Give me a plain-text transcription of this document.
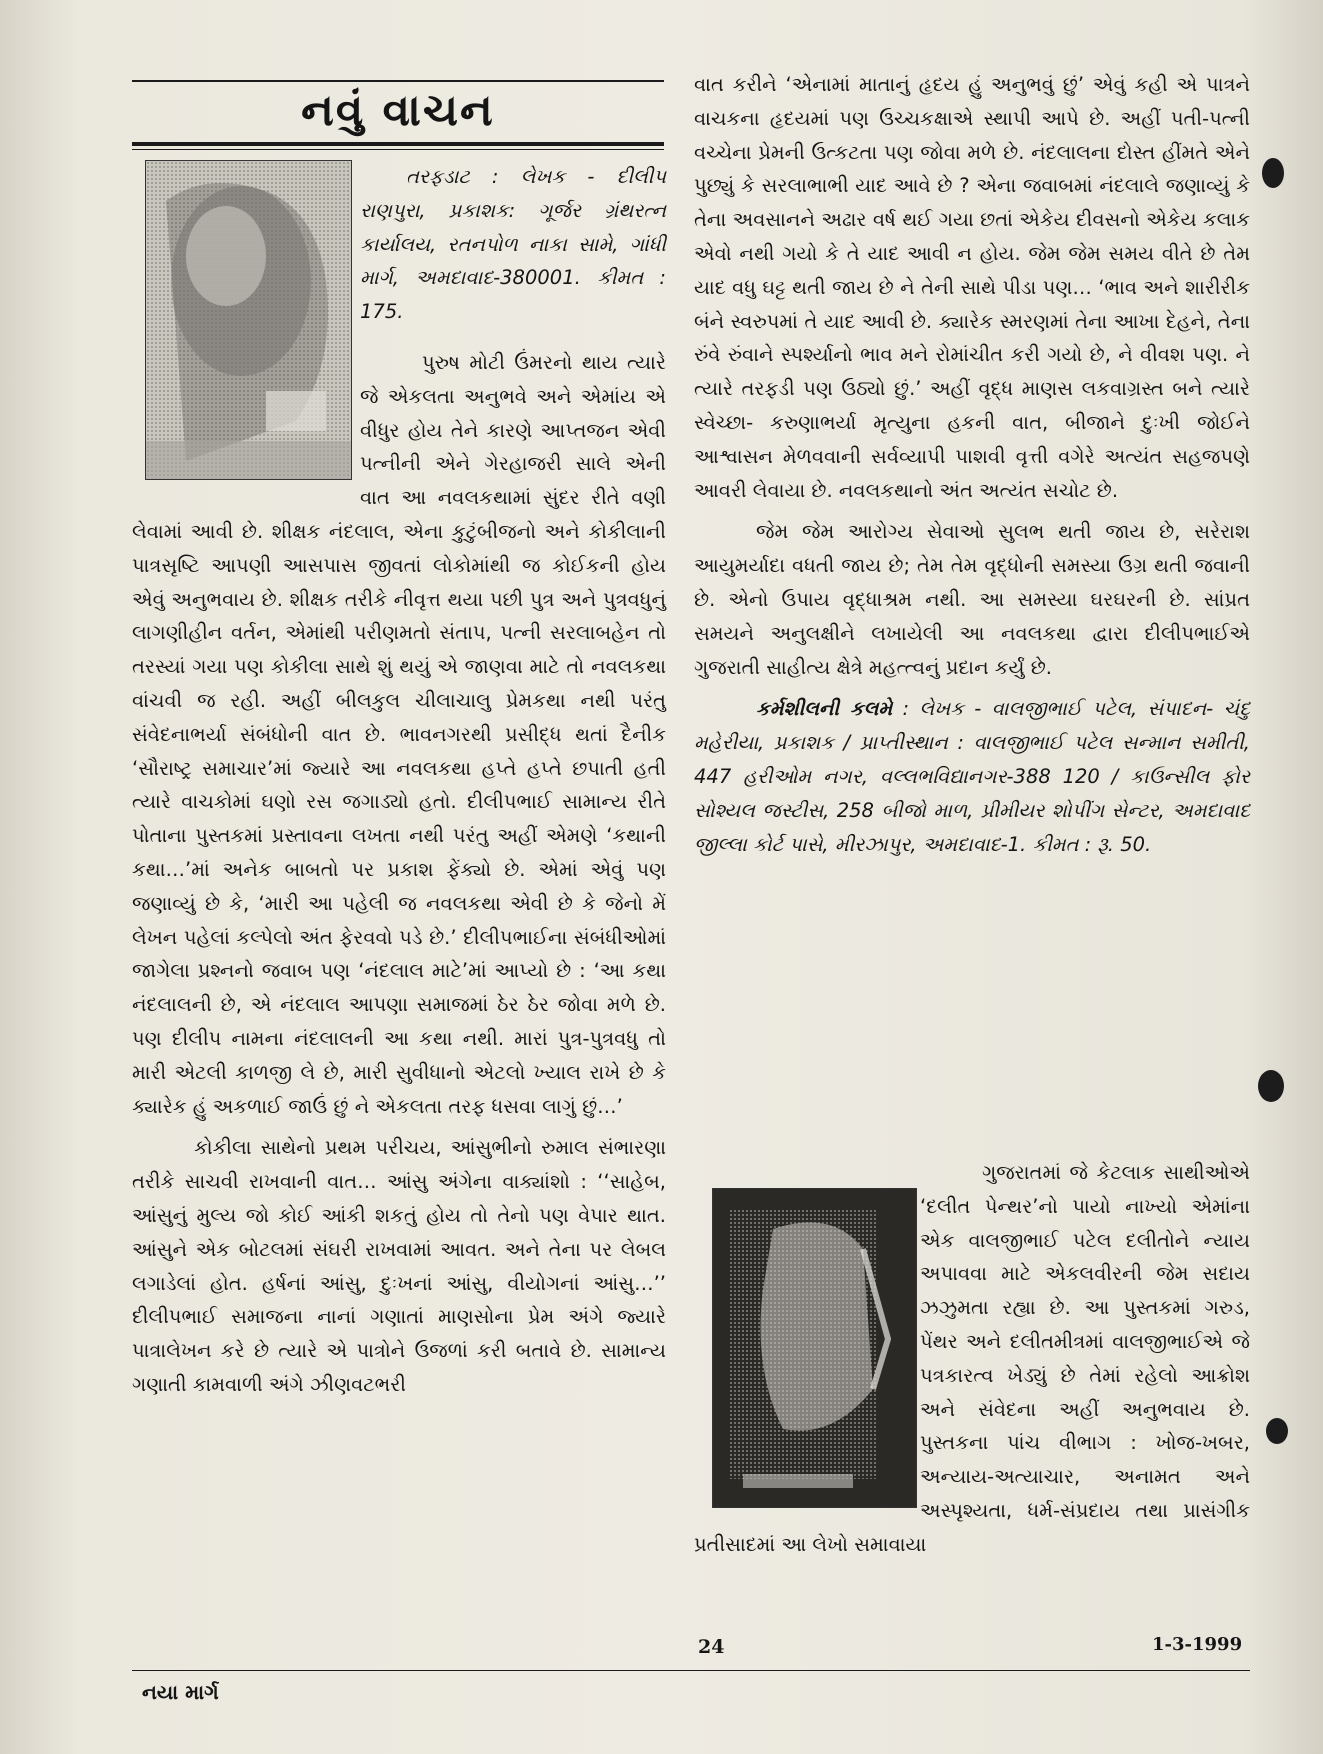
નવું વાચન

તરફડાટ : લેખક - દીલીપ રાણપુરા, પ્રકાશક: ગૂર્જર ગ્રંથરત્ન કાર્યાલય, રતનપોળ નાકા સામે, ગાંધી માર્ગ, અમદાવાદ-380001. કીમત : 175.

પુરુષ મોટી ઉંમરનો થાય ત્યારે જે એકલતા અનુભવે અને એમાંય એ વીધુર હોય તેને કારણે આપ્તજન એવી પત્નીની એને ગેરહાજરી સાલે એની વાત આ નવલકથામાં સુંદર રીતે વણી લેવામાં આવી છે. શીક્ષક નંદલાલ, એના કુટુંબીજનો અને કોકીલાની પાત્રસૃષ્ટિ આપણી આસપાસ જીવતાં લોકોમાંથી જ કોઈકની હોય એવું અનુભવાય છે. શીક્ષક તરીકે નીવૃત્ત થયા પછી પુત્ર અને પુત્રવધુનું લાગણીહીન વર્તન, એમાંથી પરીણમતો સંતાપ, પત્ની સરલાબહેન તો તરસ્યાં ગયા પણ કોકીલા સાથે શું થયું એ જાણવા માટે તો નવલકથા વાંચવી જ રહી. અહીં બીલકુલ ચીલાચાલુ પ્રેમકથા નથી પરંતુ સંવેદનાભર્યા સંબંધોની વાત છે. ભાવનગરથી પ્રસીદ્ધ થતાં દૈનીક ‘સૌરાષ્ટ્ર સમાચાર’માં જ્યારે આ નવલકથા હપ્તે હપ્તે છપાતી હતી ત્યારે વાચકોમાં ઘણો રસ જગાડ્યો હતો. દીલીપભાઈ સામાન્ય રીતે પોતાના પુસ્તકમાં પ્રસ્તાવના લખતા નથી પરંતુ અહીં એમણે ‘કથાની કથા…’માં અનેક બાબતો પર પ્રકાશ ફેંક્યો છે. એમાં એવું પણ જણાવ્યું છે કે, ‘મારી આ પહેલી જ નવલકથા એવી છે કે જેનો મેં લેખન પહેલાં કલ્પેલો અંત ફેરવવો પડે છે.’ દીલીપભાઈના સંબંધીઓમાં જાગેલા પ્રશ્નનો જવાબ પણ ‘નંદલાલ માટે’માં આપ્યો છે : ‘આ કથા નંદલાલની છે, એ નંદલાલ આપણા સમાજમાં ઠેર ઠેર જોવા મળે છે. પણ દીલીપ નામના નંદલાલની આ કથા નથી. મારાં પુત્ર-પુત્રવધુ તો મારી એટલી કાળજી લે છે, મારી સુવીધાનો એટલો ખ્યાલ રાખે છે કે ક્યારેક હું અકળાઈ જાઉં છું ને એકલતા તરફ ધસવા લાગું છું…’

કોકીલા સાથેનો પ્રથમ પરીચય, આંસુભીનો રુમાલ સંભારણા તરીકે સાચવી રાખવાની વાત… આંસુ અંગેના વાક્યાંશો : ‘‘સાહેબ, આંસુનું મુલ્ય જો કોઈ આંકી શકતું હોય તો તેનો પણ વેપાર થાત. આંસુને એક બોટલમાં સંઘરી રાખવામાં આવત. અને તેના પર લેબલ લગાડેલાં હોત. હર્ષનાં આંસુ, દુઃખનાં આંસુ, વીયોગનાં આંસુ…’’ દીલીપભાઈ સમાજના નાનાં ગણાતાં માણસોના પ્રેમ અંગે જ્યારે પાત્રાલેખન કરે છે ત્યારે એ પાત્રોને ઉજળાં કરી બતાવે છે. સામાન્ય ગણાતી કામવાળી અંગે ઝીણવટભરી

વાત કરીને ‘એનામાં માતાનું હૃદય હું અનુભવું છું’ એવું કહી એ પાત્રને વાચકના હૃદયમાં પણ ઉચ્ચકક્ષાએ સ્થાપી આપે છે. અહીં પતી-પત્ની વચ્ચેના પ્રેમની ઉત્કટતા પણ જોવા મળે છે. નંદલાલના દોસ્ત હીંમતે એને પુછ્યું કે સરલાભાભી યાદ આવે છે ? એના જવાબમાં નંદલાલે જણાવ્યું કે તેના અવસાનને અઢાર વર્ષ થઈ ગયા છતાં એકેય દીવસનો એકેય કલાક એવો નથી ગયો કે તે યાદ આવી ન હોય. જેમ જેમ સમય વીતે છે તેમ યાદ વધુ ઘટ્ટ થતી જાય છે ને તેની સાથે પીડા પણ… ‘ભાવ અને શારીરીક બંને સ્વરુપમાં તે યાદ આવી છે. ક્યારેક સ્મરણમાં તેના આખા દેહને, તેના રુંવે રુંવાને સ્પર્શ્યાનો ભાવ મને રોમાંચીત કરી ગયો છે, ને વીવશ પણ. ને ત્યારે તરફડી પણ ઉઠ્યો છું.’ અહીં વૃદ્ધ માણસ લકવાગ્રસ્ત બને ત્યારે સ્વેચ્છા- કરુણાભર્યા મૃત્યુના હકની વાત, બીજાને દુઃખી જોઈને આશ્વાસન મેળવવાની સર્વવ્યાપી પાશવી વૃત્તી વગેરે અત્યંત સહજપણે આવરી લેવાયા છે. નવલકથાનો અંત અત્યંત સચોટ છે.

જેમ જેમ આરોગ્ય સેવાઓ સુલભ થતી જાય છે, સરેરાશ આયુમર્યાદા વધતી જાય છે; તેમ તેમ વૃદ્ધોની સમસ્યા ઉગ્ર થતી જવાની છે. એનો ઉપાય વૃદ્ધાશ્રમ નથી. આ સમસ્યા ઘરઘરની છે. સાંપ્રત સમયને અનુલક્ષીને લખાયેલી આ નવલકથા દ્વારા દીલીપભાઈએ ગુજરાતી સાહીત્ય ક્ષેત્રે મહત્ત્વનું પ્રદાન કર્યું છે.

કર્મશીલની કલમે : લેખક - વાલજીભાઈ પટેલ, સંપાદન- ચંદુ મહેરીયા, પ્રકાશક / પ્રાપ્તીસ્થાન : વાલજીભાઈ પટેલ સન્માન સમીતી, 447 હરીઓમ નગર, વલ્લભવિદ્યાનગર-388 120 / કાઉન્સીલ ફોર સોશ્યલ જસ્ટીસ, 258 બીજો માળ, પ્રીમીયર શોપીંગ સેન્ટર, અમદાવાદ જીલ્લા કોર્ટ પાસે, મીરઝાપુર, અમદાવાદ-1. કીમત : રૂ. 50.

ગુજરાતમાં જે કેટલાક સાથીઓએ ‘દલીત પેન્થર’નો પાયો નાખ્યો એમાંના એક વાલજીભાઈ પટેલ દલીતોને ન્યાય અપાવવા માટે એકલવીરની જેમ સદાય ઝઝુમતા રહ્યા છે. આ પુસ્તકમાં ગરુડ, પેંથર અને દલીતમીત્રમાં વાલજીભાઈએ જે પત્રકારત્વ ખેડ્યું છે તેમાં રહેલો આક્રોશ અને સંવેદના અહીં અનુભવાય છે. પુસ્તકના પાંચ વીભાગ : ખોજ-ખબર, અન્યાય-અત્યાચાર, અનામત અને અસ્પૃશ્યતા, ધર્મ-સંપ્રદાય તથા પ્રાસંગીક પ્રતીસાદમાં આ લેખો સમાવાયા

નયા માર્ગ
24	1-3-1999
